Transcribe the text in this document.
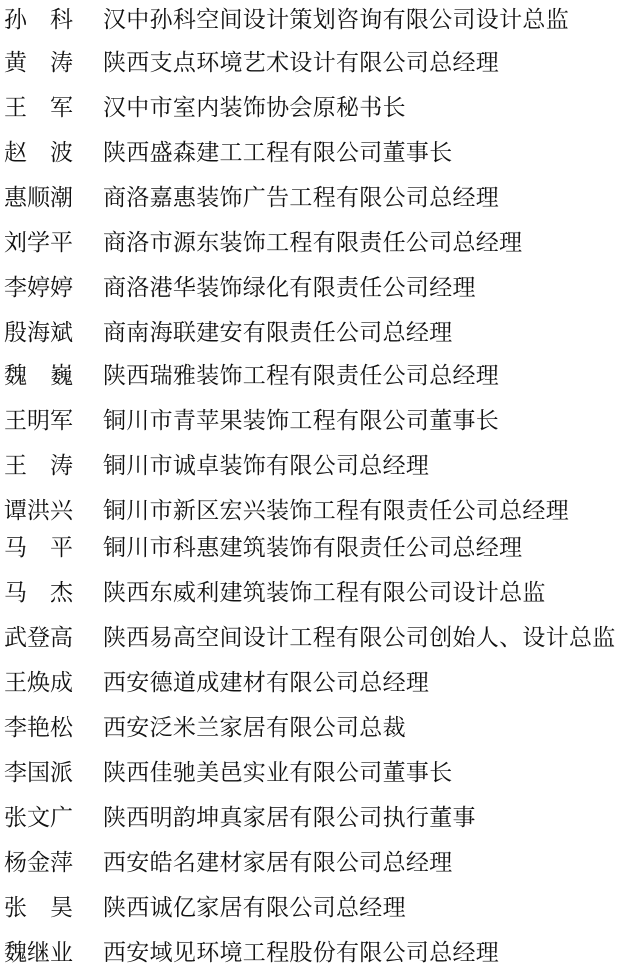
孙　科	汉中孙科空间设计策划咨询有限公司设计总监
黄　涛	陕西支点环境艺术设计有限公司总经理
王　军	汉中市室内装饰协会原秘书长
赵　波	陕西盛森建工工程有限公司董事长
惠顺潮	商洛嘉惠装饰广告工程有限公司总经理
刘学平	商洛市源东装饰工程有限责任公司总经理
李婷婷	商洛港华装饰绿化有限责任公司经理
殷海斌	商南海联建安有限责任公司总经理
魏　巍	陕西瑞雅装饰工程有限责任公司总经理
王明军	铜川市青苹果装饰工程有限公司董事长
王　涛	铜川市诚卓装饰有限公司总经理
谭洪兴	铜川市新区宏兴装饰工程有限责任公司总经理
马　平	铜川市科惠建筑装饰有限责任公司总经理
马　杰	陕西东威利建筑装饰工程有限公司设计总监
武登高	陕西易高空间设计工程有限公司创始人、设计总监
王焕成	西安德道成建材有限公司总经理
李艳松	西安泛米兰家居有限公司总裁
李国派	陕西佳驰美邑实业有限公司董事长
张文广	陕西明韵坤真家居有限公司执行董事
杨金萍	西安皓名建材家居有限公司总经理
张　昊	陕西诚亿家居有限公司总经理
魏继业	西安域见环境工程股份有限公司总经理
